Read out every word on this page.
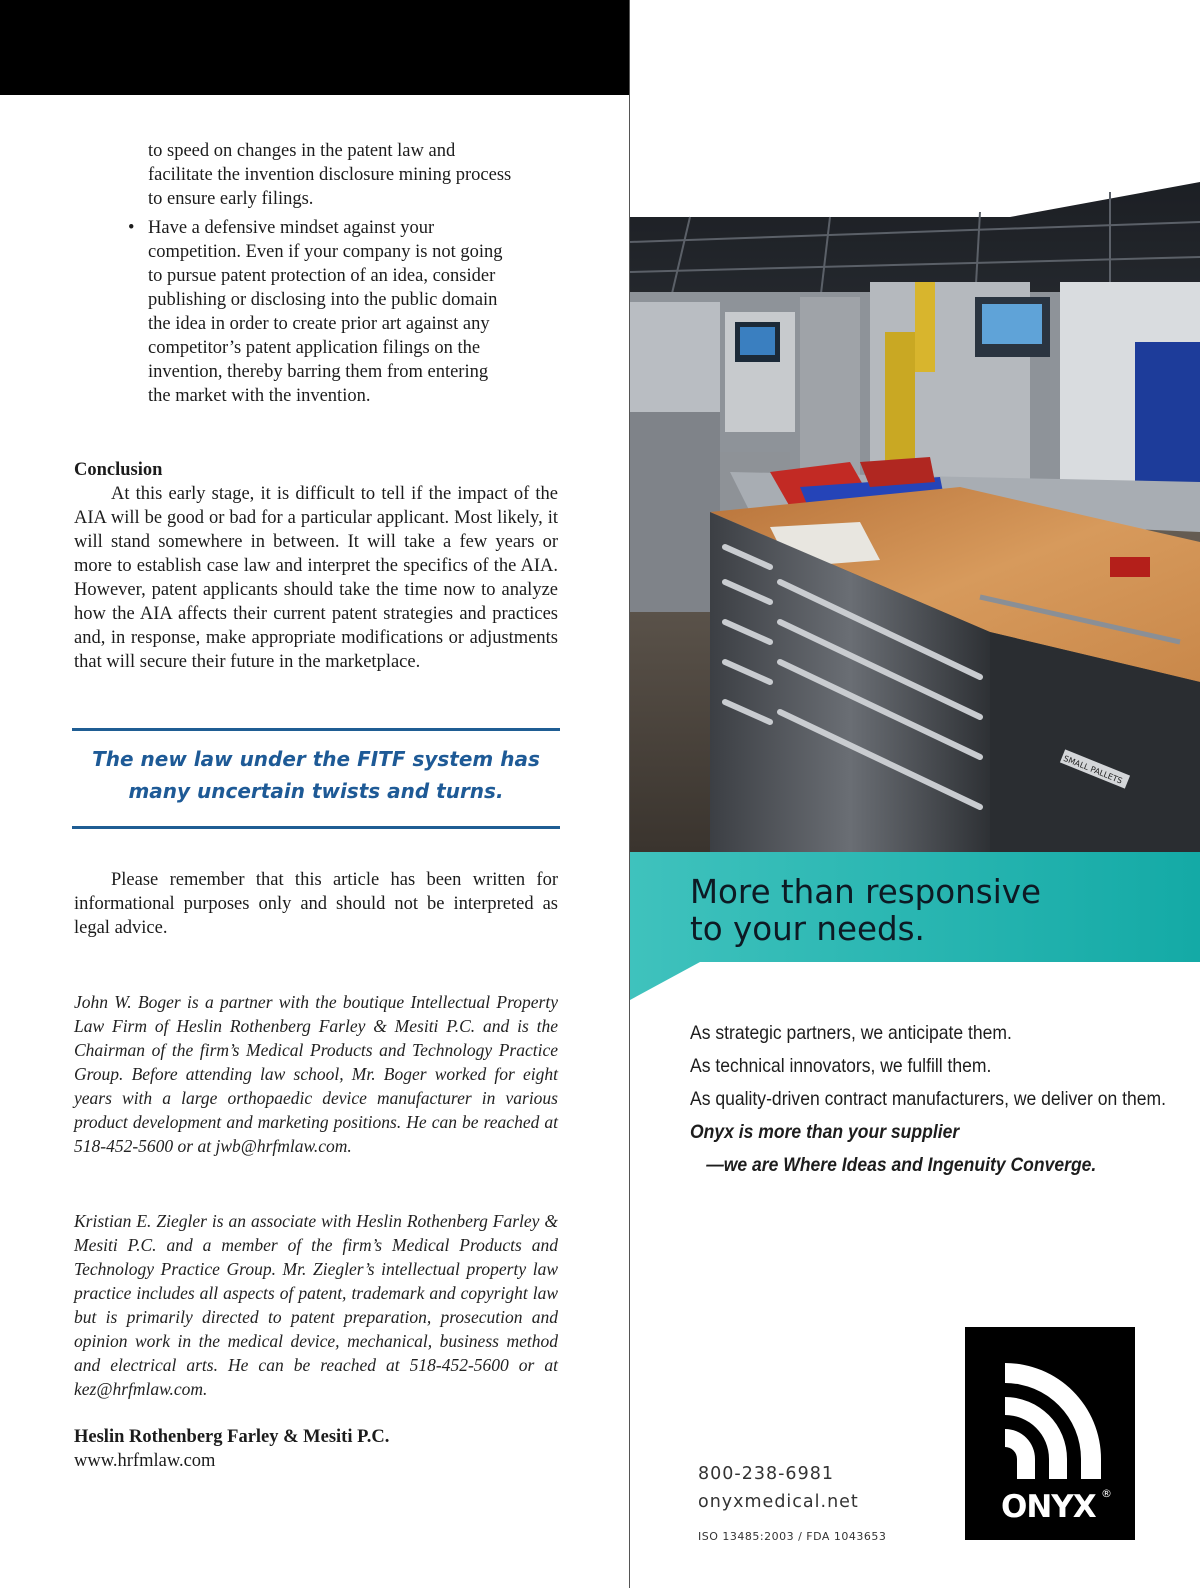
to speed on changes in the patent law and facilitate the invention disclosure mining process to ensure early filings.

• Have a defensive mindset against your competition. Even if your company is not going to pursue patent protection of an idea, consider publishing or disclosing into the public domain the idea in order to create prior art against any competitor’s patent application filings on the invention, thereby barring them from entering the market with the invention.
Conclusion

At this early stage, it is difficult to tell if the impact of the AIA will be good or bad for a particular applicant. Most likely, it will stand somewhere in between. It will take a few years or more to establish case law and interpret the specifics of the AIA. However, patent applicants should take the time now to analyze how the AIA affects their current patent strategies and practices and, in response, make appropriate modifications or adjustments that will secure their future in the marketplace.

The new law under the FITF system has
many uncertain twists and turns.

Please remember that this article has been written for informational purposes only and should not be interpreted as legal advice.

John W. Boger is a partner with the boutique Intellectual Property Law Firm of Heslin Rothenberg Farley & Mesiti P.C. and is the Chairman of the firm’s Medical Products and Technology Practice Group. Before attending law school, Mr. Boger worked for eight years with a large orthopaedic device manufacturer in various product development and marketing positions. He can be reached at 518-452-5600 or at jwb@hrfmlaw.com.
Kristian E. Ziegler is an associate with Heslin Rothenberg Farley & Mesiti P.C. and a member of the firm’s Medical Products and Technology Practice Group. Mr. Ziegler’s intellectual property law practice includes all aspects of patent, trademark and copyright law but is primarily directed to patent preparation, prosecution and opinion work in the medical device, mechanical, business method and electrical arts. He can be reached at 518-452-5600 or at kez@hrfmlaw.com.
Heslin Rothenberg Farley & Mesiti P.C.
www.hrfmlaw.com
SMALL PALLETS
More than responsive
to your needs.
As strategic partners, we anticipate them.
As technical innovators, we fulfill them.
As quality-driven contract manufacturers, we deliver on them.
Onyx is more than your supplier
—we are Where Ideas and Ingenuity Converge.
800-238-6981
onyxmedical.net
ISO 13485:2003 / FDA 1043653
ONYX ®
